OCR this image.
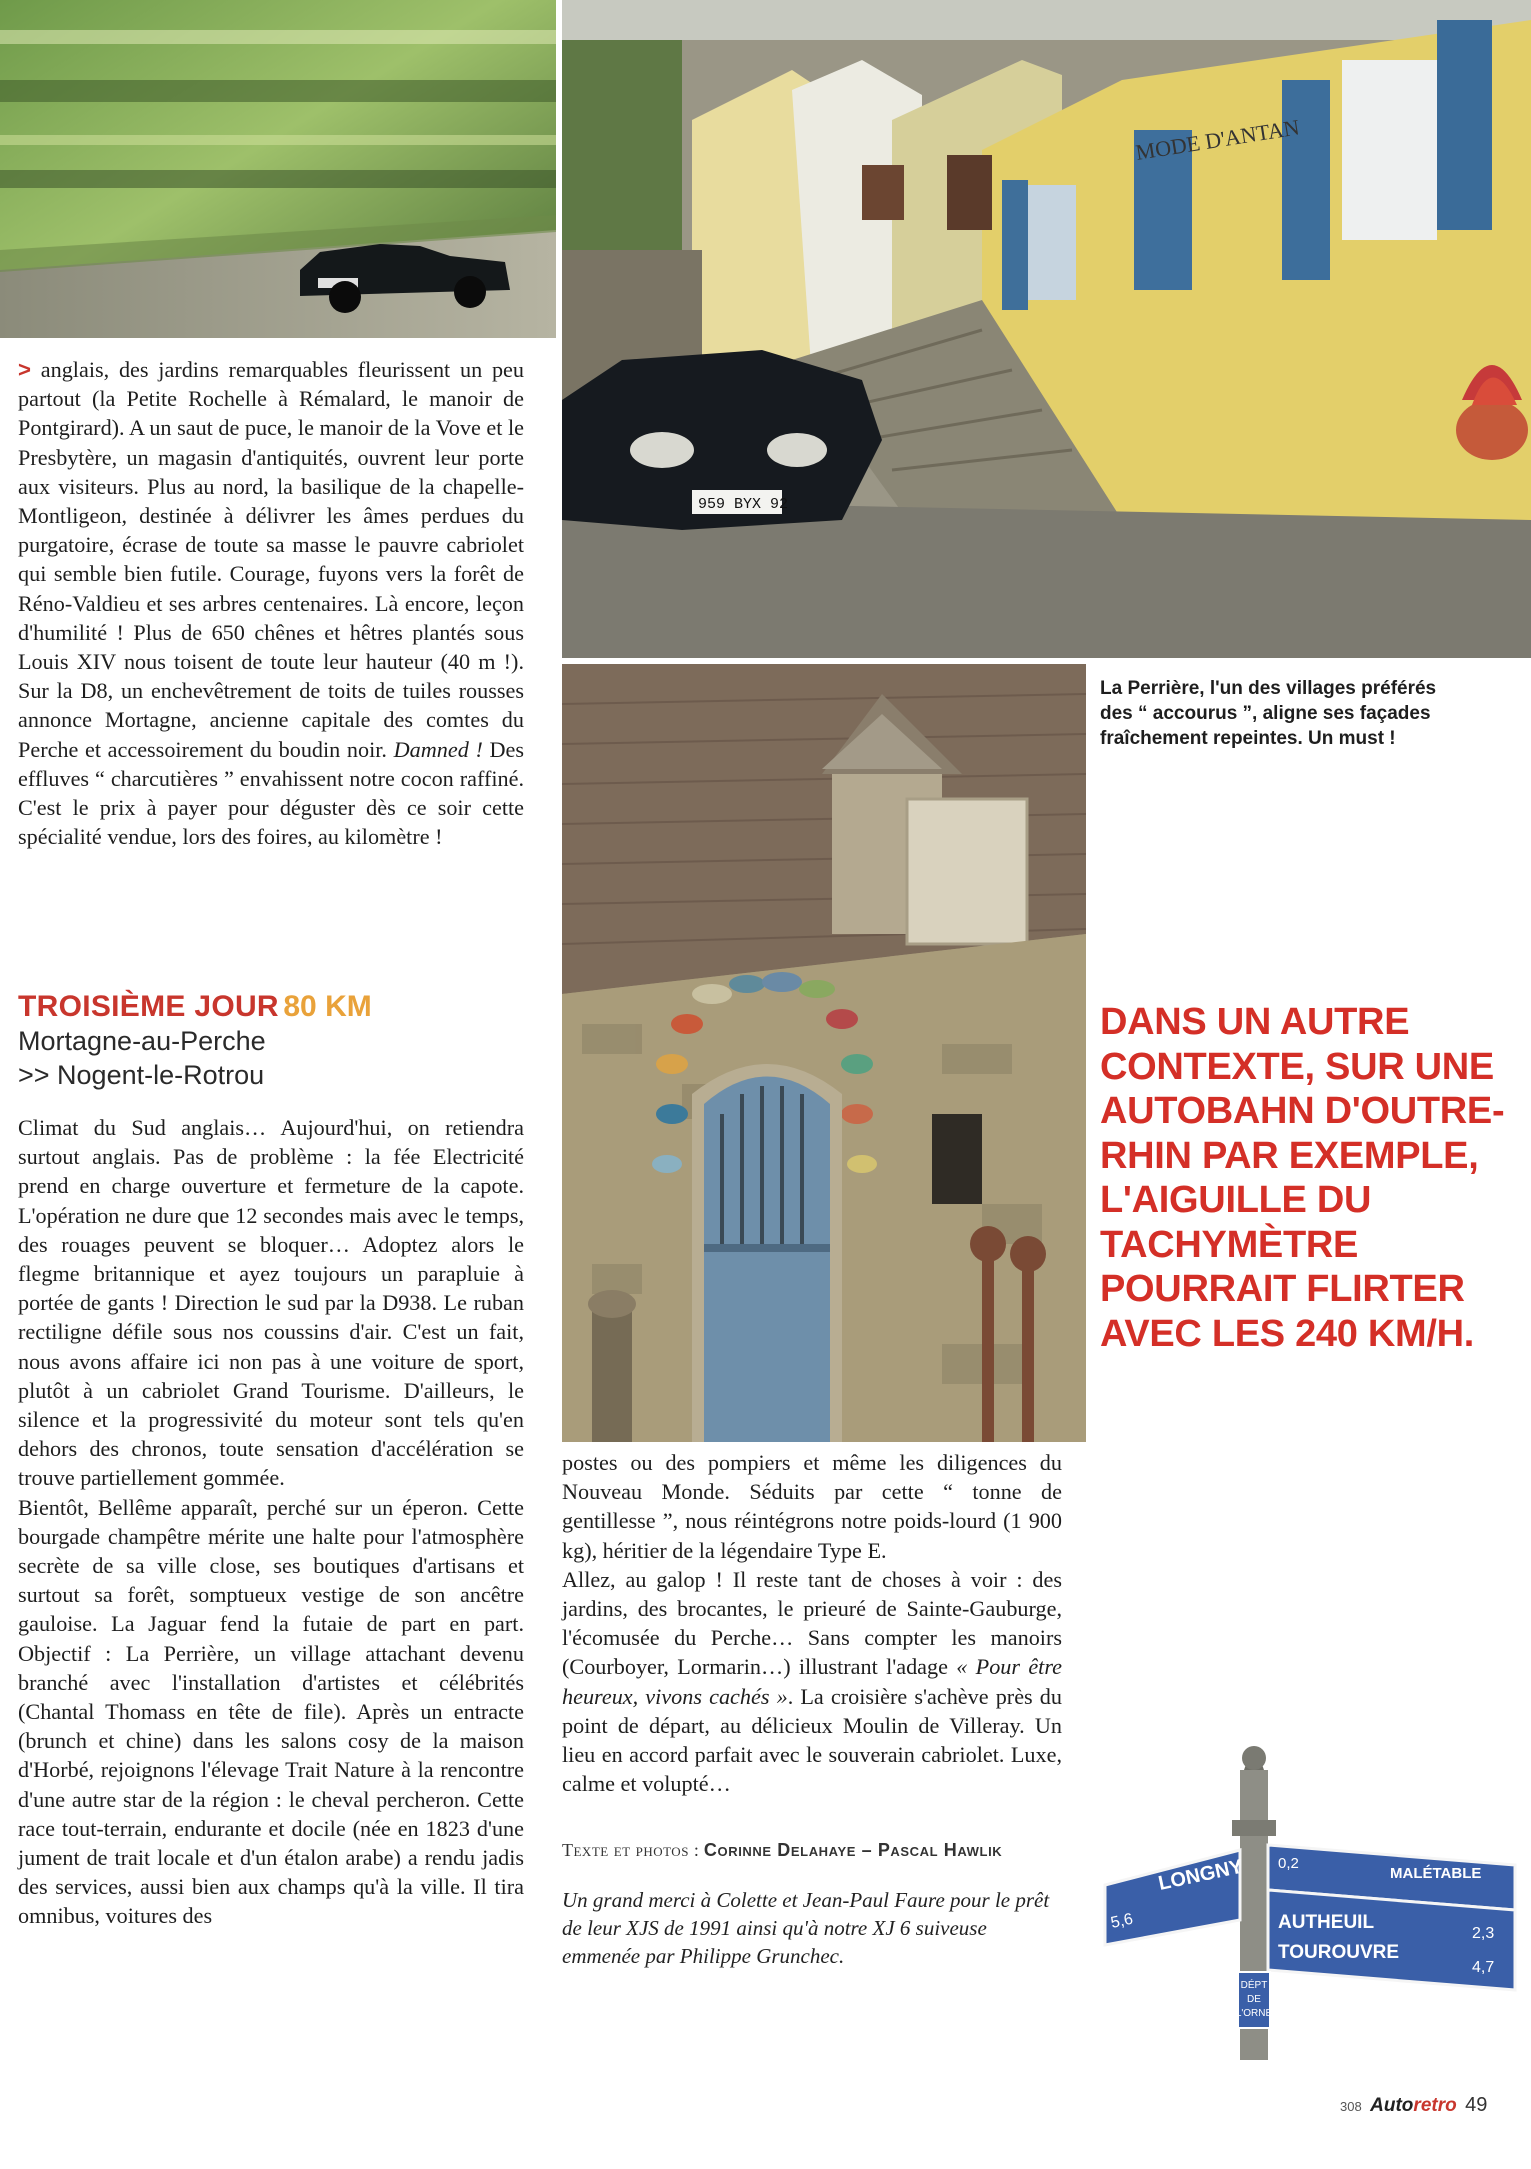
MODE D'ANTAN
959 BYX 92

> anglais, des jardins remarquables fleurissent un peu partout (la Petite Rochelle à Rémalard, le manoir de Pontgirard). A un saut de puce, le manoir de la Vove et le Presbytère, un magasin d'antiquités, ouvrent leur porte aux visiteurs. Plus au nord, la basilique de la chapelle-Montligeon, destinée à délivrer les âmes perdues du purgatoire, écrase de toute sa masse le pauvre cabriolet qui semble bien futile. Courage, fuyons vers la forêt de Réno-Valdieu et ses arbres centenaires. Là encore, leçon d'humilité ! Plus de 650 chênes et hêtres plantés sous Louis XIV nous toisent de toute leur hauteur (40 m !). Sur la D8, un enchevêtrement de toits de tuiles rousses annonce Mortagne, ancienne capitale des comtes du Perche et accessoirement du boudin noir. Damned ! Des effluves “ charcutières ” envahissent notre cocon raffiné. C'est le prix à payer pour déguster dès ce soir cette spécialité vendue, lors des foires, au kilomètre !

TROISIÈME JOUR 80 KM
Mortagne-au-Perche
>> Nogent-le-Rotrou

Climat du Sud anglais… Aujourd'hui, on retiendra surtout anglais. Pas de problème : la fée Electricité prend en charge ouverture et fermeture de la capote. L'opération ne dure que 12 secondes mais avec le temps, des rouages peuvent se bloquer… Adoptez alors le flegme britannique et ayez toujours un parapluie à portée de gants ! Direction le sud par la D938. Le ruban rectiligne défile sous nos coussins d'air. C'est un fait, nous avons affaire ici non pas à une voiture de sport, plutôt à un cabriolet Grand Tourisme. D'ailleurs, le silence et la progressivité du moteur sont tels qu'en dehors des chronos, toute sensation d'accélération se trouve partiellement gommée.

Bientôt, Bellême apparaît, perché sur un éperon. Cette bourgade champêtre mérite une halte pour l'atmosphère secrète de sa ville close, ses boutiques d'artisans et surtout sa forêt, somptueux vestige de son ancêtre gauloise. La Jaguar fend la futaie de part en part. Objectif : La Perrière, un village attachant devenu branché avec l'installation d'artistes et célébrités (Chantal Thomass en tête de file). Après un entracte (brunch et chine) dans les salons cosy de la maison d'Horbé, rejoignons l'élevage Trait Nature à la rencontre d'une autre star de la région : le cheval percheron. Cette race tout-terrain, endurante et docile (née en 1823 d'une jument de trait locale et d'un étalon arabe) a rendu jadis des services, aussi bien aux champs qu'à la ville. Il tira omnibus, voitures des

postes ou des pompiers et même les diligences du Nouveau Monde. Séduits par cette “ tonne de gentillesse ”, nous réintégrons notre poids-lourd (1 900 kg), héritier de la légendaire Type E.

Allez, au galop ! Il reste tant de choses à voir : des jardins, des brocantes, le prieuré de Sainte-Gauburge, l'écomusée du Perche… Sans compter les manoirs (Courboyer, Lormarin…) illustrant l'adage « Pour être heureux, vivons cachés ». La croisière s'achève près du point de départ, au délicieux Moulin de Villeray. Un lieu en accord parfait avec le souverain cabriolet. Luxe, calme et volupté…

Texte et photos : Corinne Delahaye – Pascal Hawlik

Un grand merci à Colette et Jean-Paul Faure pour le prêt de leur XJS de 1991 ainsi qu'à notre XJ 6 suiveuse emmenée par Philippe Grunchec.

La Perrière, l'un des villages préférés des “ accourus ”, aligne ses façades fraîchement repeintes. Un must !

DANS UN AUTRE CONTEXTE, SUR UNE AUTOBAHN D'OUTRE-RHIN PAR EXEMPLE, L'AIGUILLE DU TACHYMÈTRE POURRAIT FLIRTER AVEC LES 240 KM/H.

LONGNY
5,6
0,2
MALÉTABLE
AUTHEUIL
2,3
TOUROUVRE
4,7
DÉPT
DE
L'ORNE
308 Autoretro 49
